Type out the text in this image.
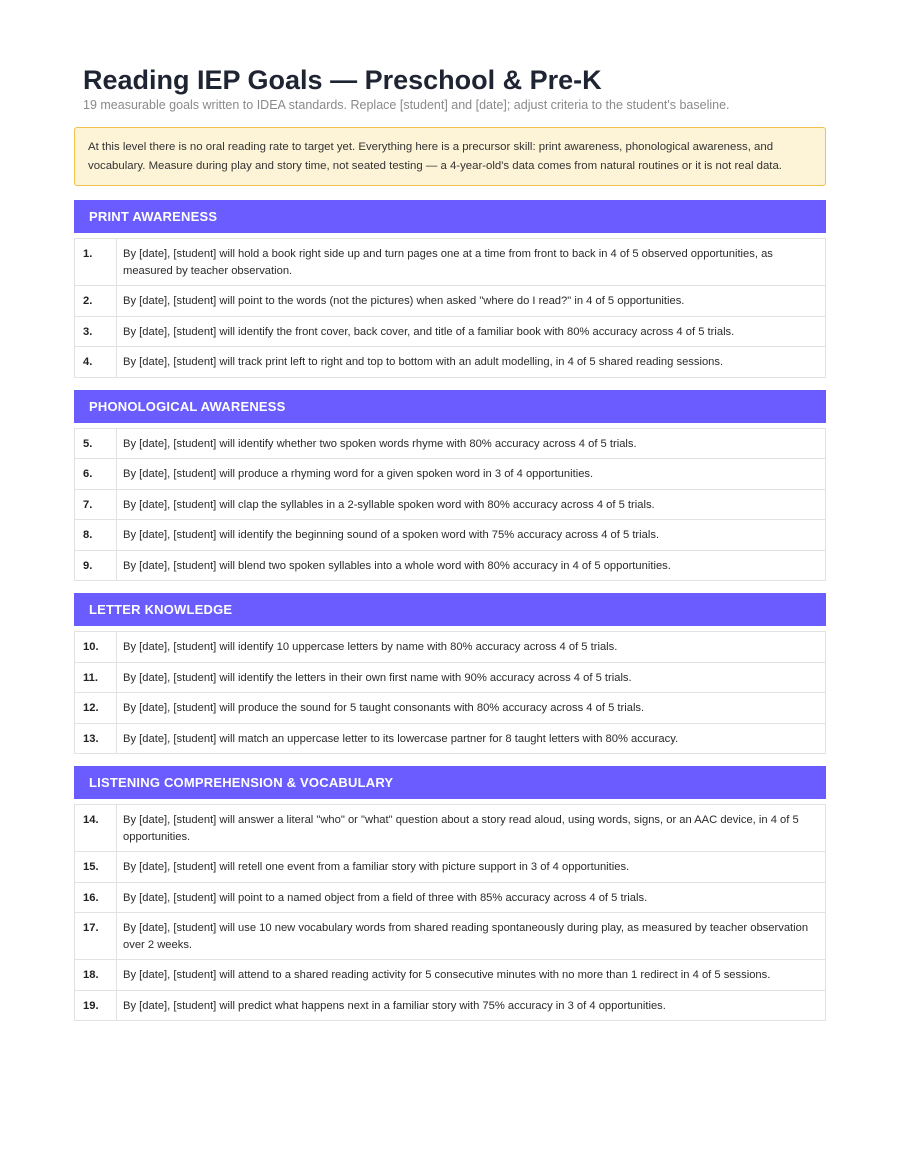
Reading IEP Goals — Preschool & Pre-K
19 measurable goals written to IDEA standards. Replace [student] and [date]; adjust criteria to the student's baseline.
At this level there is no oral reading rate to target yet. Everything here is a precursor skill: print awareness, phonological awareness, and vocabulary. Measure during play and story time, not seated testing — a 4-year-old's data comes from natural routines or it is not real data.
PRINT AWARENESS
1.	By [date], [student] will hold a book right side up and turn pages one at a time from front to back in 4 of 5 observed opportunities, as measured by teacher observation.
2.	By [date], [student] will point to the words (not the pictures) when asked "where do I read?" in 4 of 5 opportunities.
3.	By [date], [student] will identify the front cover, back cover, and title of a familiar book with 80% accuracy across 4 of 5 trials.
4.	By [date], [student] will track print left to right and top to bottom with an adult modelling, in 4 of 5 shared reading sessions.
PHONOLOGICAL AWARENESS
5.	By [date], [student] will identify whether two spoken words rhyme with 80% accuracy across 4 of 5 trials.
6.	By [date], [student] will produce a rhyming word for a given spoken word in 3 of 4 opportunities.
7.	By [date], [student] will clap the syllables in a 2-syllable spoken word with 80% accuracy across 4 of 5 trials.
8.	By [date], [student] will identify the beginning sound of a spoken word with 75% accuracy across 4 of 5 trials.
9.	By [date], [student] will blend two spoken syllables into a whole word with 80% accuracy in 4 of 5 opportunities.
LETTER KNOWLEDGE
10.	By [date], [student] will identify 10 uppercase letters by name with 80% accuracy across 4 of 5 trials.
11.	By [date], [student] will identify the letters in their own first name with 90% accuracy across 4 of 5 trials.
12.	By [date], [student] will produce the sound for 5 taught consonants with 80% accuracy across 4 of 5 trials.
13.	By [date], [student] will match an uppercase letter to its lowercase partner for 8 taught letters with 80% accuracy.
LISTENING COMPREHENSION & VOCABULARY
14.	By [date], [student] will answer a literal "who" or "what" question about a story read aloud, using words, signs, or an AAC device, in 4 of 5 opportunities.
15.	By [date], [student] will retell one event from a familiar story with picture support in 3 of 4 opportunities.
16.	By [date], [student] will point to a named object from a field of three with 85% accuracy across 4 of 5 trials.
17.	By [date], [student] will use 10 new vocabulary words from shared reading spontaneously during play, as measured by teacher observation over 2 weeks.
18.	By [date], [student] will attend to a shared reading activity for 5 consecutive minutes with no more than 1 redirect in 4 of 5 sessions.
19.	By [date], [student] will predict what happens next in a familiar story with 75% accuracy in 3 of 4 opportunities.
